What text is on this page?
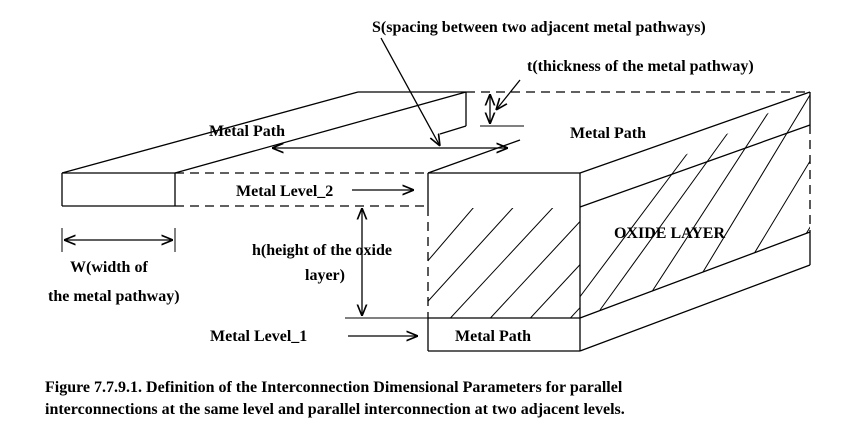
S(spacing between two adjacent metal pathways)
t(thickness of the metal pathway)
Metal Path	Metal Path
Metal Level_2
OXIDE LAYER
W(width of
the metal pathway)
h(height of the oxide
layer)
Metal Level_1	Metal Path
Figure 7.7.9.1. Definition of the Interconnection Dimensional Parameters for parallel
interconnections at the same level and parallel interconnection at two adjacent levels.
